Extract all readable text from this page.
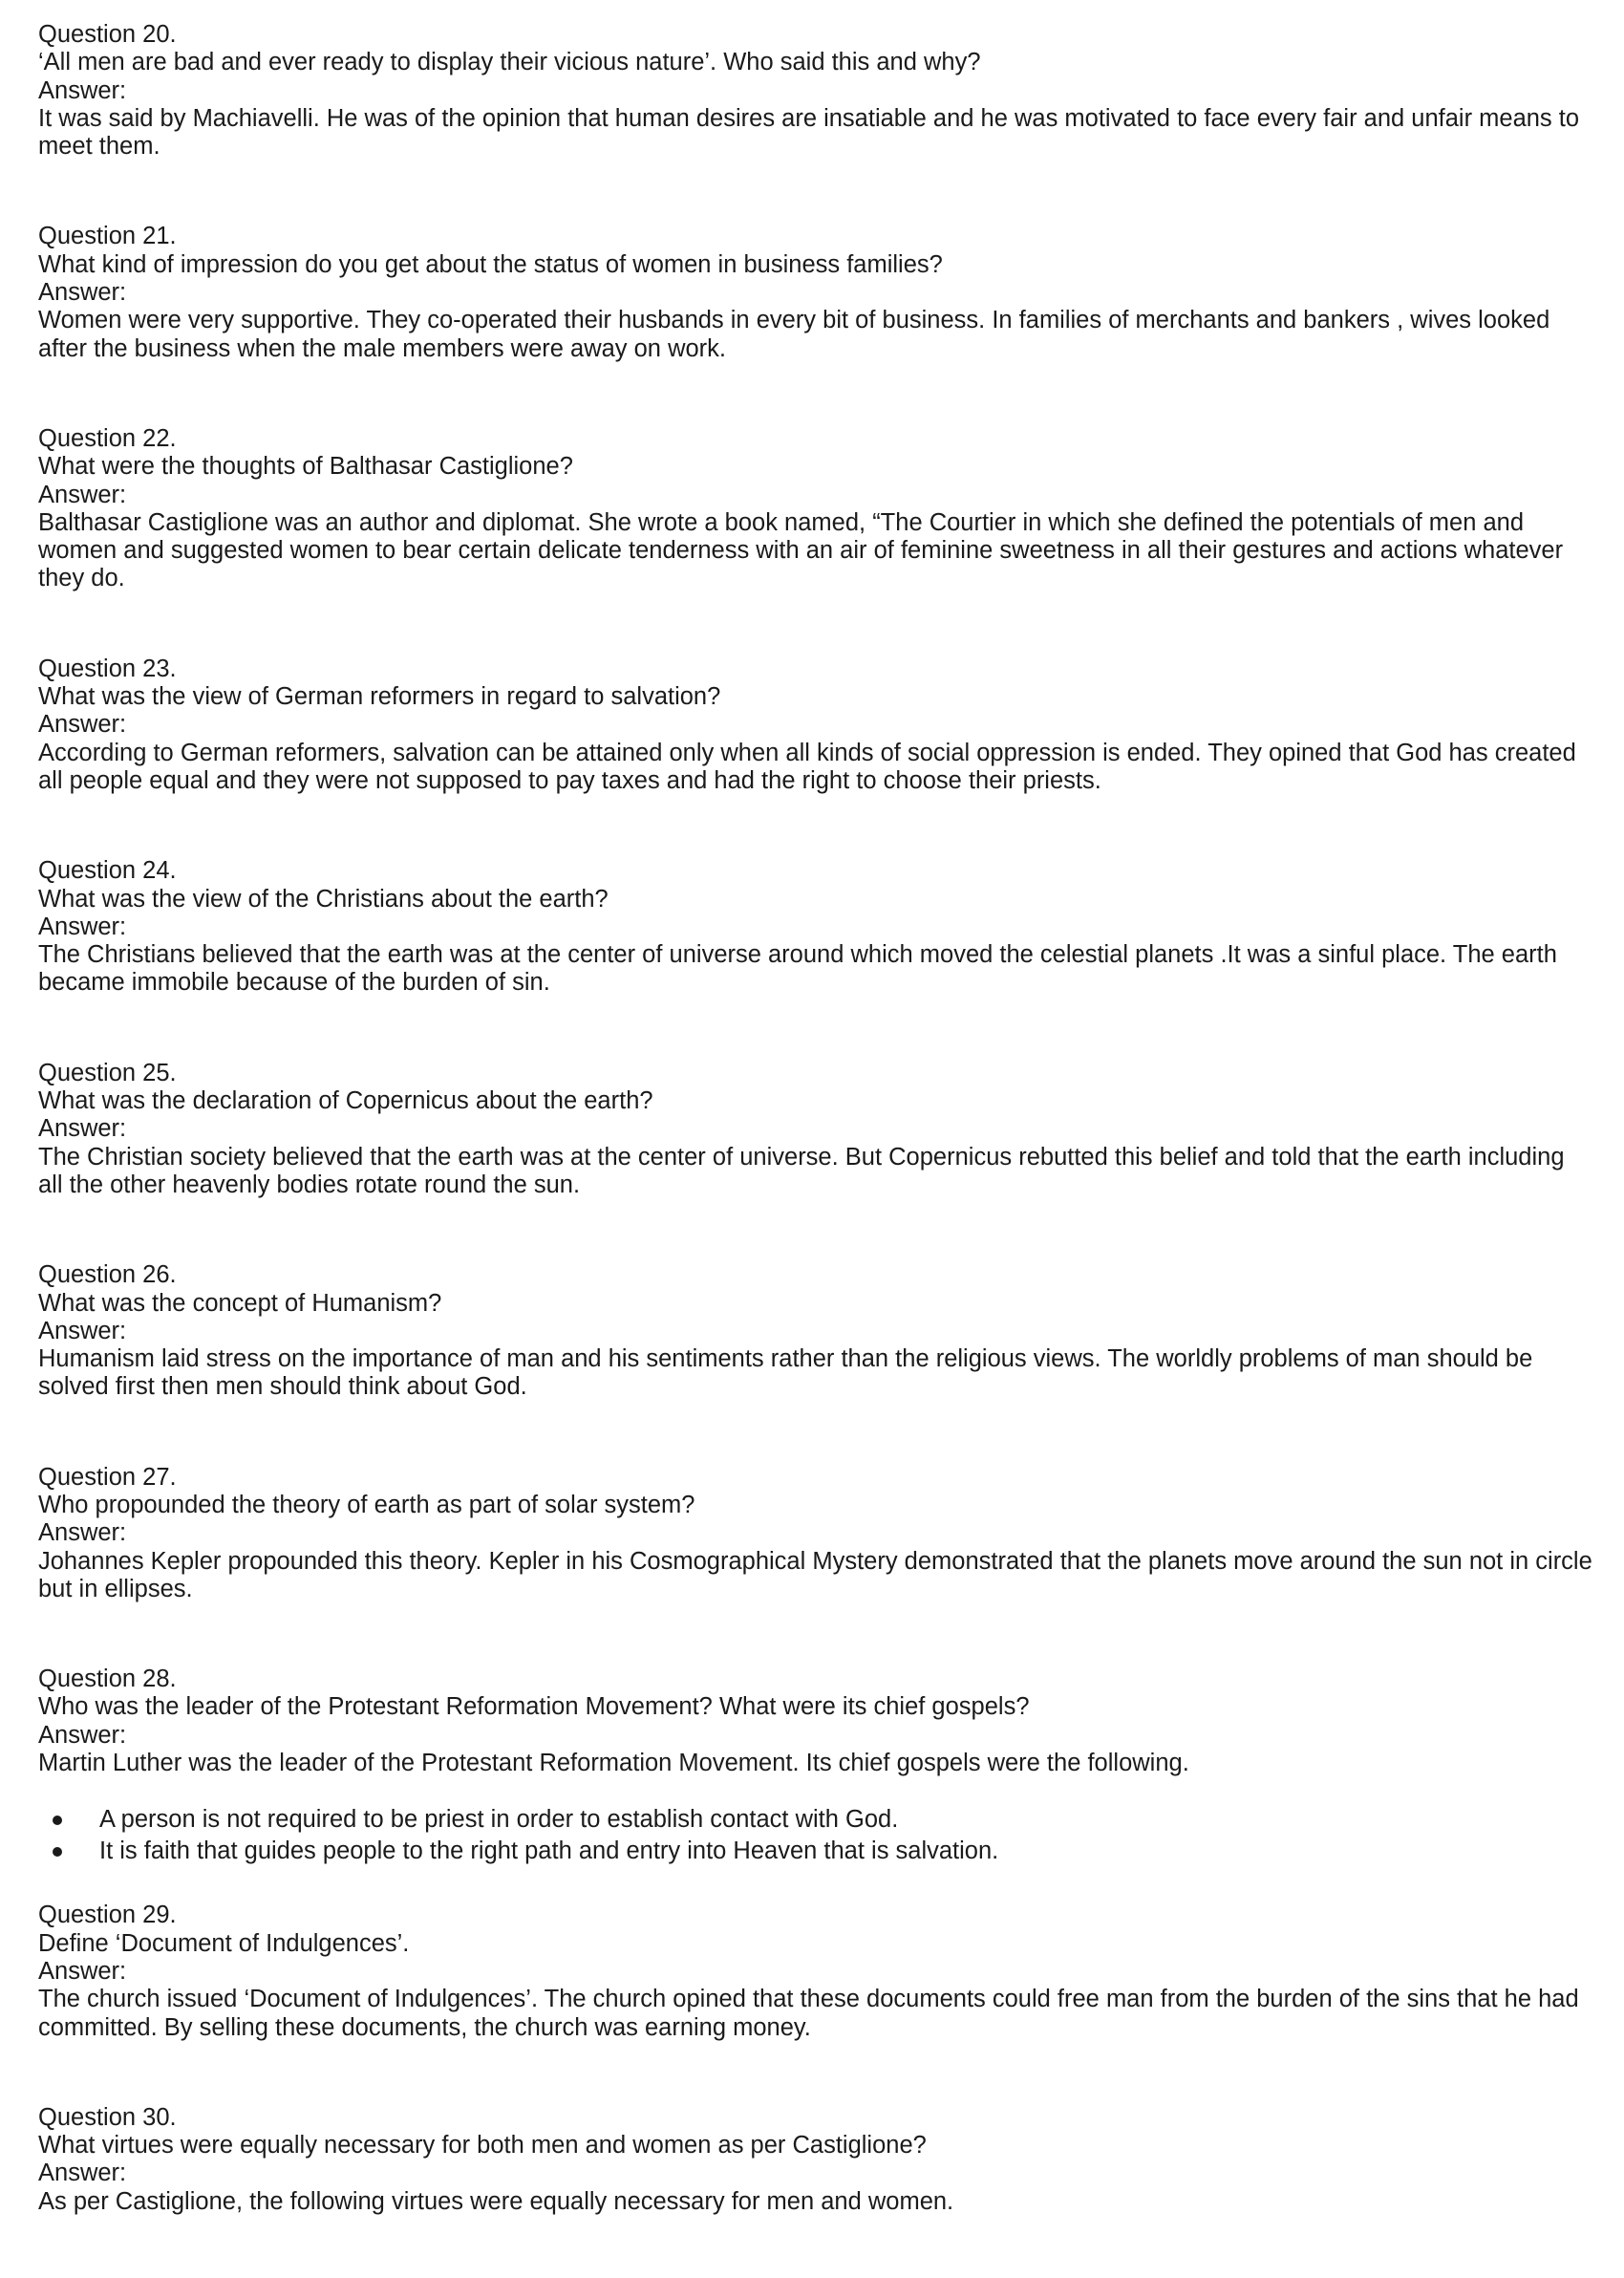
Question 20.
‘All men are bad and ever ready to display their vicious nature’. Who said this and why?
Answer:
It was said by Machiavelli. He was of the opinion that human desires are insatiable and he was motivated to face every fair and unfair means to meet them.
Question 21.
What kind of impression do you get about the status of women in business families?
Answer:
Women were very supportive. They co-operated their husbands in every bit of business. In families of merchants and bankers , wives looked after the business when the male members were away on work.
Question 22.
What were the thoughts of Balthasar Castiglione?
Answer:
Balthasar Castiglione was an author and diplomat. She wrote a book named, “The Courtier in which she defined the potentials of men and women and suggested women to bear certain delicate tenderness with an air of feminine sweetness in all their gestures and actions whatever they do.
Question 23.
What was the view of German reformers in regard to salvation?
Answer:
According to German reformers, salvation can be attained only when all kinds of social oppression is ended. They opined that God has created all people equal and they were not supposed to pay taxes and had the right to choose their priests.
Question 24.
What was the view of the Christians about the earth?
Answer:
The Christians believed that the earth was at the center of universe around which moved the celestial planets .It was a sinful place. The earth became immobile because of the burden of sin.
Question 25.
What was the declaration of Copernicus about the earth?
Answer:
The Christian society believed that the earth was at the center of universe. But Copernicus rebutted this belief and told that the earth including all the other heavenly bodies rotate round the sun.
Question 26.
What was the concept of Humanism?
Answer:
Humanism laid stress on the importance of man and his sentiments rather than the religious views. The worldly problems of man should be solved first then men should think about God.
Question 27.
Who propounded the theory of earth as part of solar system?
Answer:
Johannes Kepler propounded this theory. Kepler in his Cosmographical Mystery demonstrated that the planets move around the sun not in circle but in ellipses.
Question 28.
Who was the leader of the Protestant Reformation Movement? What were its chief gospels?
Answer:
Martin Luther was the leader of the Protestant Reformation Movement. Its chief gospels were the following.
A person is not required to be priest in order to establish contact with God.
It is faith that guides people to the right path and entry into Heaven that is salvation.
Question 29.
Define ‘Document of Indulgences’.
Answer:
The church issued ‘Document of Indulgences’. The church opined that these documents could free man from the burden of the sins that he had committed. By selling these documents, the church was earning money.
Question 30.
What virtues were equally necessary for both men and women as per Castiglione?
Answer:
As per Castiglione, the following virtues were equally necessary for men and women.
